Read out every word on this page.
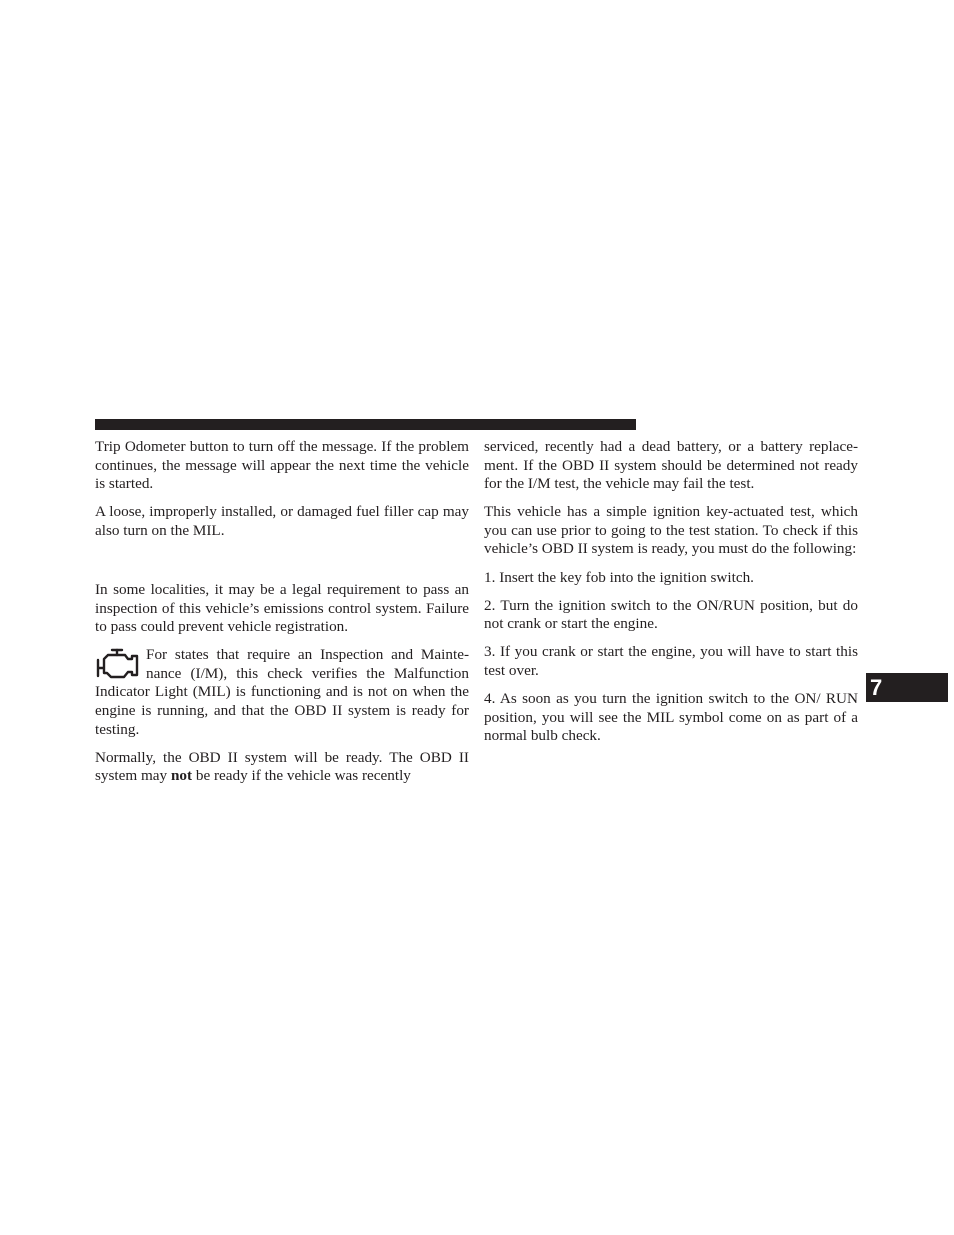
Trip Odometer button to turn off the message. If the problem continues, the message will appear the next time the vehicle is started.

A loose, improperly installed, or damaged fuel filler cap may also turn on the MIL.

In some localities, it may be a legal requirement to pass an inspection of this vehicle’s emissions control system. Failure to pass could prevent vehicle registration.

For states that require an Inspection and Maintenance (I/M), this check verifies the Malfunction Indicator Light (MIL) is functioning and is not on when the engine is running, and that the OBD II system is ready for testing.

Normally, the OBD II system will be ready. The OBD II system may not be ready if the vehicle was recently

serviced, recently had a dead battery, or a battery replacement. If the OBD II system should be determined not ready for the I/M test, the vehicle may fail the test.

This vehicle has a simple ignition key-actuated test, which you can use prior to going to the test station. To check if this vehicle’s OBD II system is ready, you must do the following:

1. Insert the key fob into the ignition switch.

2. Turn the ignition switch to the ON/RUN position, but do not crank or start the engine.

3. If you crank or start the engine, you will have to start this test over.

4. As soon as you turn the ignition switch to the ON/ RUN position, you will see the MIL symbol come on as part of a normal bulb check.

7
